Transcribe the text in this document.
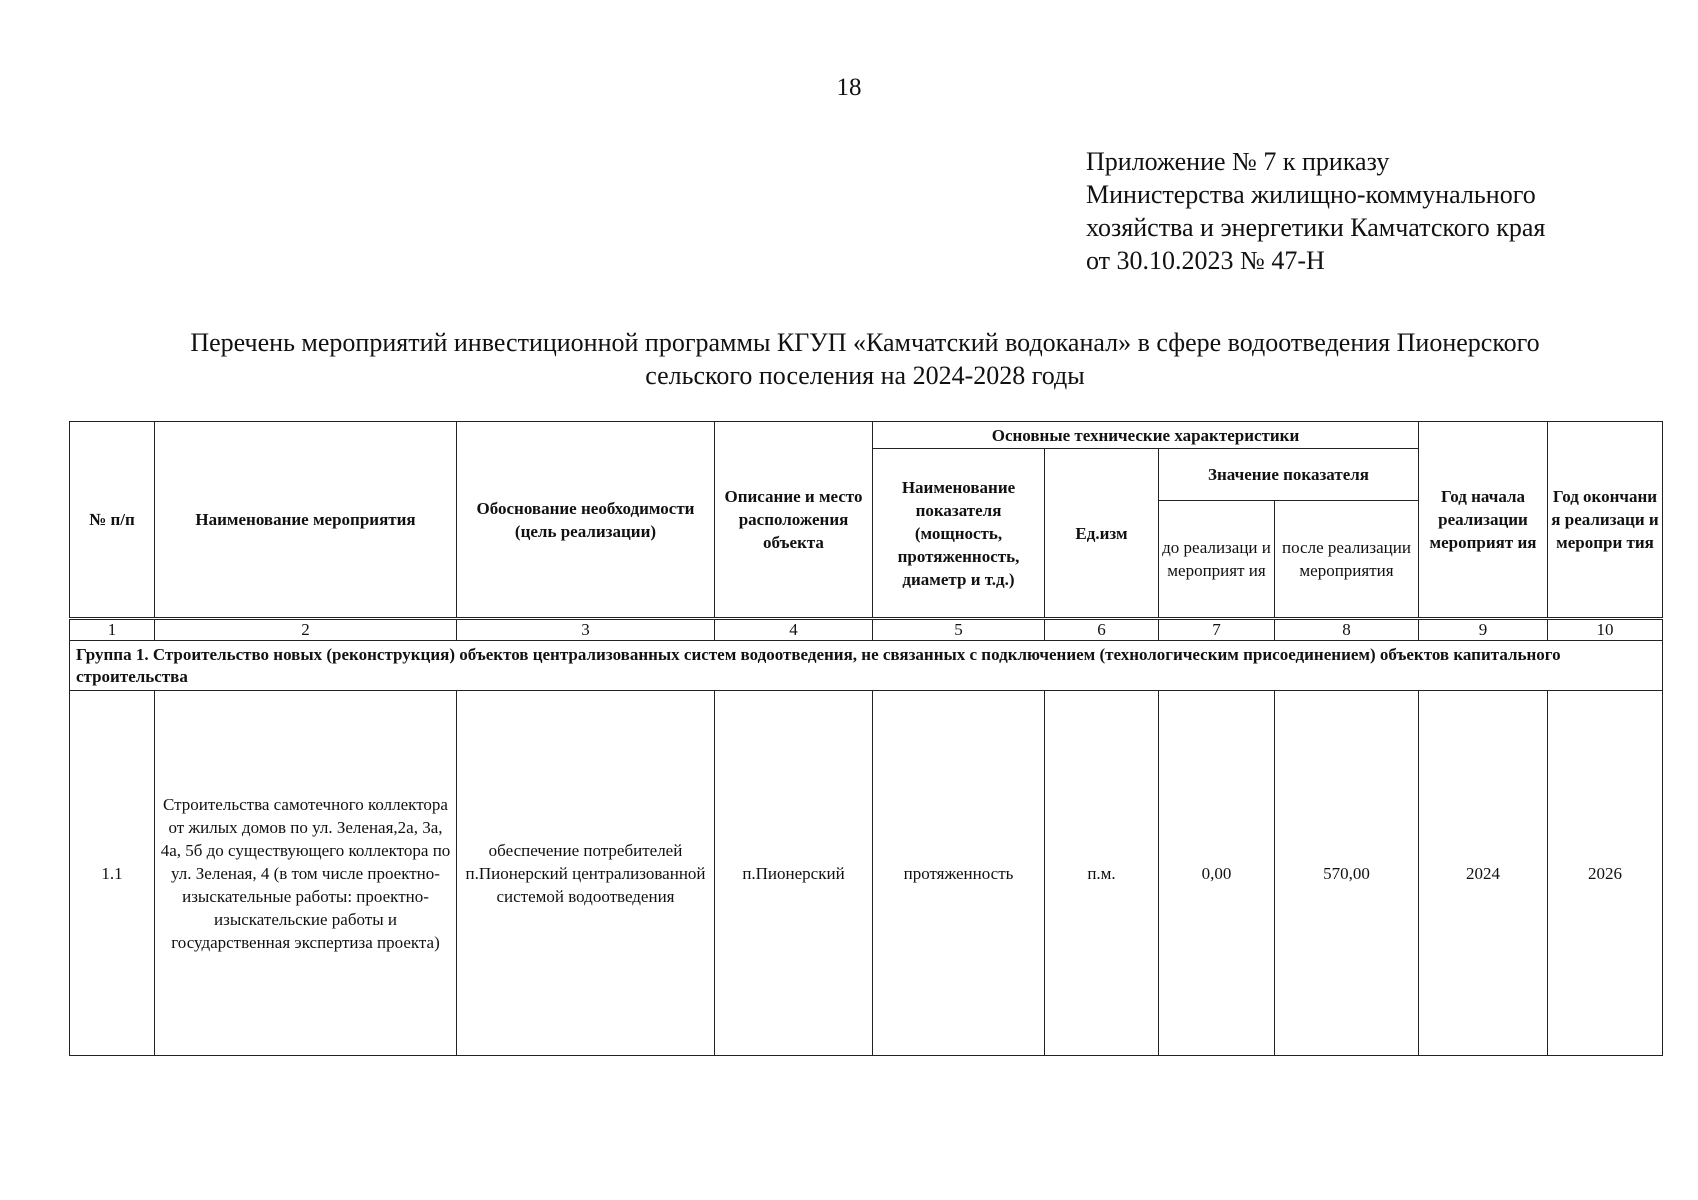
18
Приложение № 7 к приказу
Министерства жилищно-коммунального
хозяйства и энергетики Камчатского края
от 30.10.2023 № 47-Н
Перечень мероприятий инвестиционной программы КГУП «Камчатский водоканал» в сфере водоотведения Пионерского
сельского поселения на 2024-2028 годы
№ п/п	Наименование мероприятия	Обоснование необходимости (цель реализации)	Описание и место расположения объекта	Основные технические характеристики				Год начала реализации мероприят ия	Год окончани я реализаци и меропри тия
				Наименование показателя (мощность, протяженность, диаметр и т.д.)	Ед.изм	Значение показателя			
						до реализаци и мероприят ия	после реализации мероприятия		
1	2	3	4	5	6	7	8	9	10
Группа 1. Строительство новых (реконструкция) объектов централизованных систем водоотведения, не связанных с подключением (технологическим присоединением) объектов капитального строительства									
1.1	Строительства самотечного коллектора от жилых домов по ул. Зеленая,2а, 3а, 4а, 5б до существующего коллектора по ул. Зеленая, 4 (в том числе проектно-изыскательные работы: проектно-изыскательские работы и государственная экспертиза проекта)	обеспечение потребителей п.Пионерский централизованной системой водоотведения	п.Пионерский	протяженность	п.м.	0,00	570,00	2024	2026
